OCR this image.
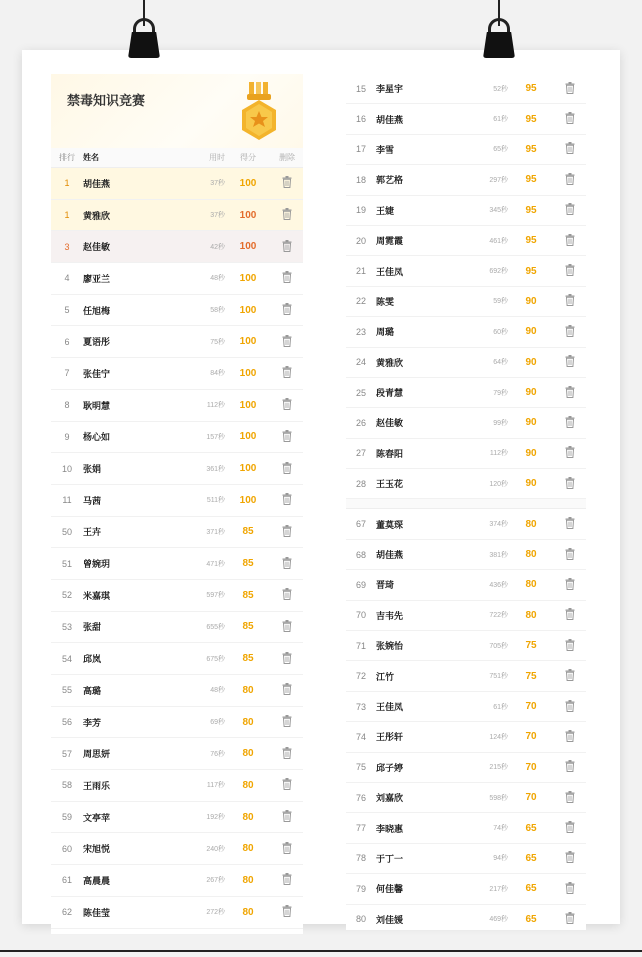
禁毒知识竞赛
排行	姓名	用时	得分	删除
1	胡佳燕	37秒	100
1	黄雅欣	37秒	100
3	赵佳敏	42秒	100
4	廖亚兰	48秒	100
5	任旭梅	58秒	100
6	夏语彤	75秒	100
7	张佳宁	84秒	100
8	耿明慧	112秒	100
9	杨心如	157秒	100
10	张娟	361秒	100
11	马茜	511秒	100
50	王卉	371秒	85
51	曾婉玥	471秒	85
52	米嘉琪	597秒	85
53	张甜	655秒	85
54	邱岚	675秒	85
55	高璐	48秒	80
56	李芳	69秒	80
57	周思妍	76秒	80
58	王雨乐	117秒	80
59	文亭苹	192秒	80
60	宋旭悦	240秒	80
61	高晨晨	267秒	80
62	陈佳莹	272秒	80
15	李星宇	52秒	95
16	胡佳燕	61秒	95
17	李雪	65秒	95
18	郭艺格	297秒	95
19	王婕	345秒	95
20	周霓霞	461秒	95
21	王佳凤	692秒	95
22	陈雯	59秒	90
23	周璐	60秒	90
24	黄雅欣	64秒	90
25	段青慧	79秒	90
26	赵佳敏	99秒	90
27	陈春阳	112秒	90
28	王玉花	120秒	90
67	董莫琛	374秒	80
68	胡佳燕	381秒	80
69	晋琦	436秒	80
70	吉韦先	722秒	80
71	张婉怡	705秒	75
72	江竹	751秒	75
73	王佳凤	61秒	70
74	王彤轩	124秒	70
75	邱子婷	215秒	70
76	刘嘉欣	598秒	70
77	李晓惠	74秒	65
78	于丁一	94秒	65
79	何佳馨	217秒	65
80	刘佳媛	469秒	65
